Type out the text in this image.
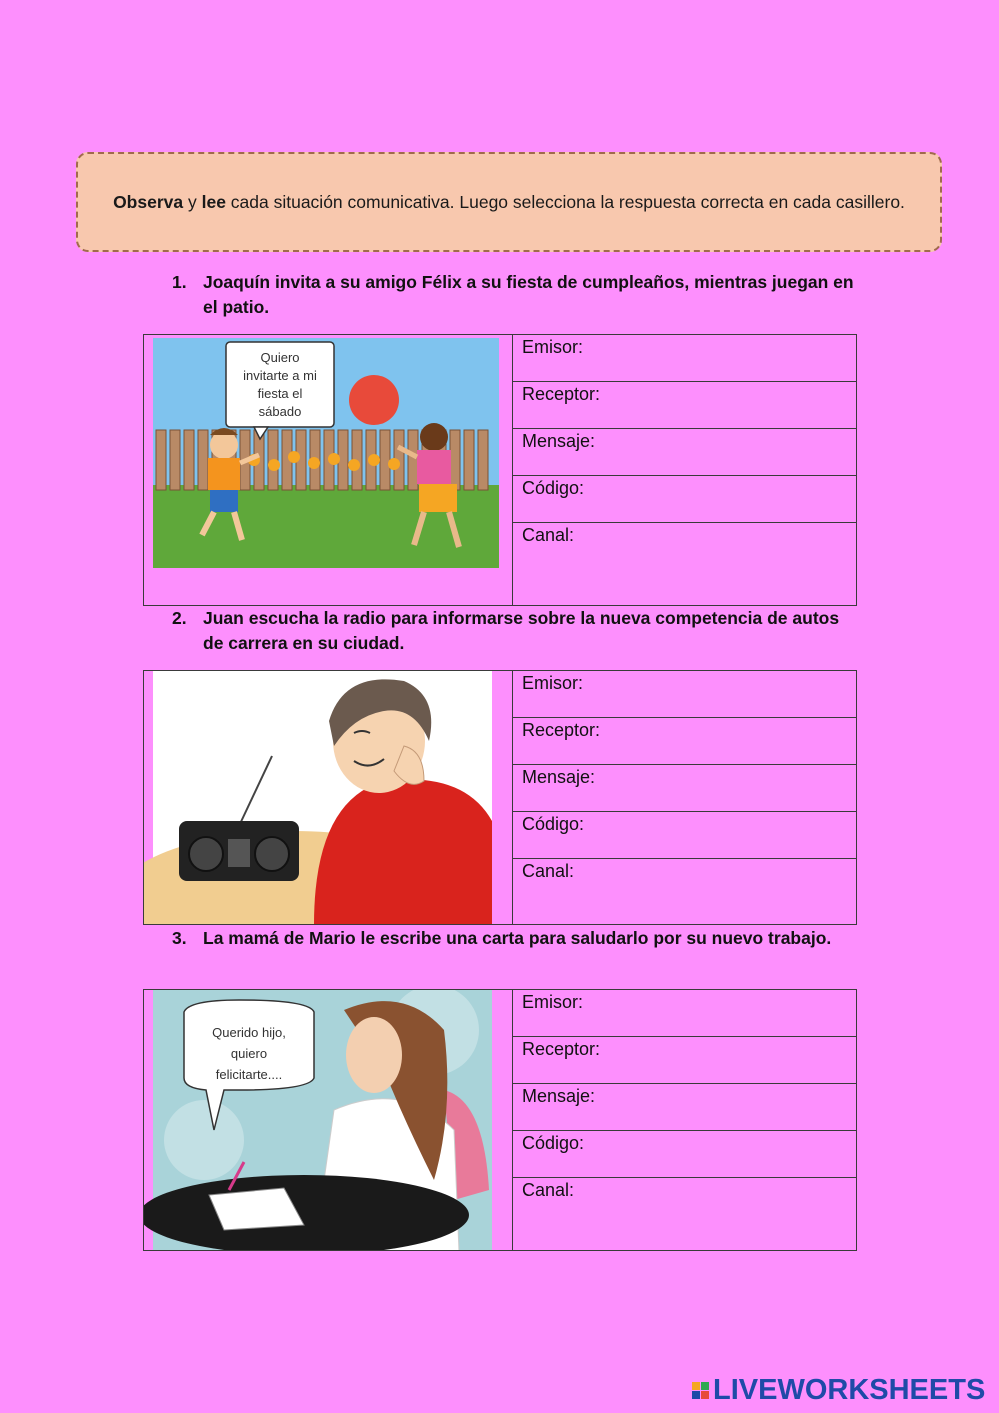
Observa y lee cada situación comunicativa. Luego selecciona la respuesta correcta en cada casillero.
1. Joaquín invita a su amigo Félix a su fiesta de cumpleaños, mientras juegan en el patio.
Quiero
invitarte a mi
fiesta el
sábado
Emisor:
Receptor:
Mensaje:
Código:
Canal:
2. Juan escucha la radio para informarse sobre la nueva competencia de autos de carrera en su ciudad.
Emisor:
Receptor:
Mensaje:
Código:
Canal:
3. La mamá de Mario le escribe una carta para saludarlo por su nuevo trabajo.
Querido hijo,
quiero
felicitarte....
Emisor:
Receptor:
Mensaje:
Código:
Canal:
LIVEWORKSHEETS
